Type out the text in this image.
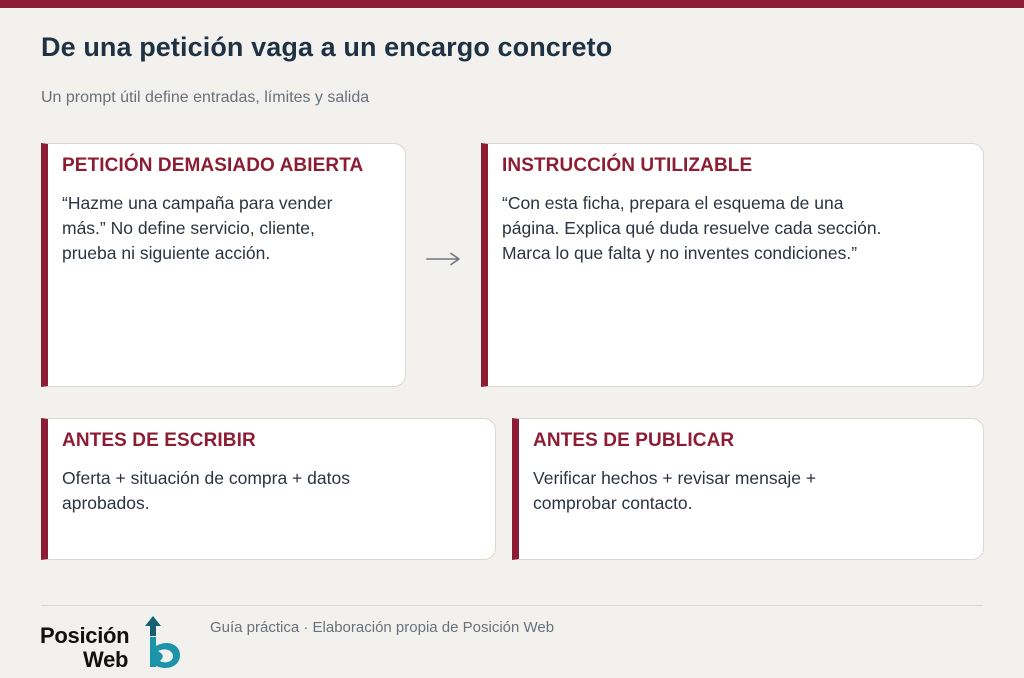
De una petición vaga a un encargo concreto

Un prompt útil define entradas, límites y salida

PETICIÓN DEMASIADO ABIERTA

“Hazme una campaña para vender más.” No define servicio, cliente, prueba ni siguiente acción.

INSTRUCCIÓN UTILIZABLE

“Con esta ficha, prepara el esquema de una página. Explica qué duda resuelve cada sección. Marca lo que falta y no inventes condiciones.”

ANTES DE ESCRIBIR

Oferta + situación de compra + datos aprobados.

ANTES DE PUBLICAR

Verificar hechos + revisar mensaje + comprobar contacto.

Posición
Web
Guía práctica · Elaboración propia de Posición Web
